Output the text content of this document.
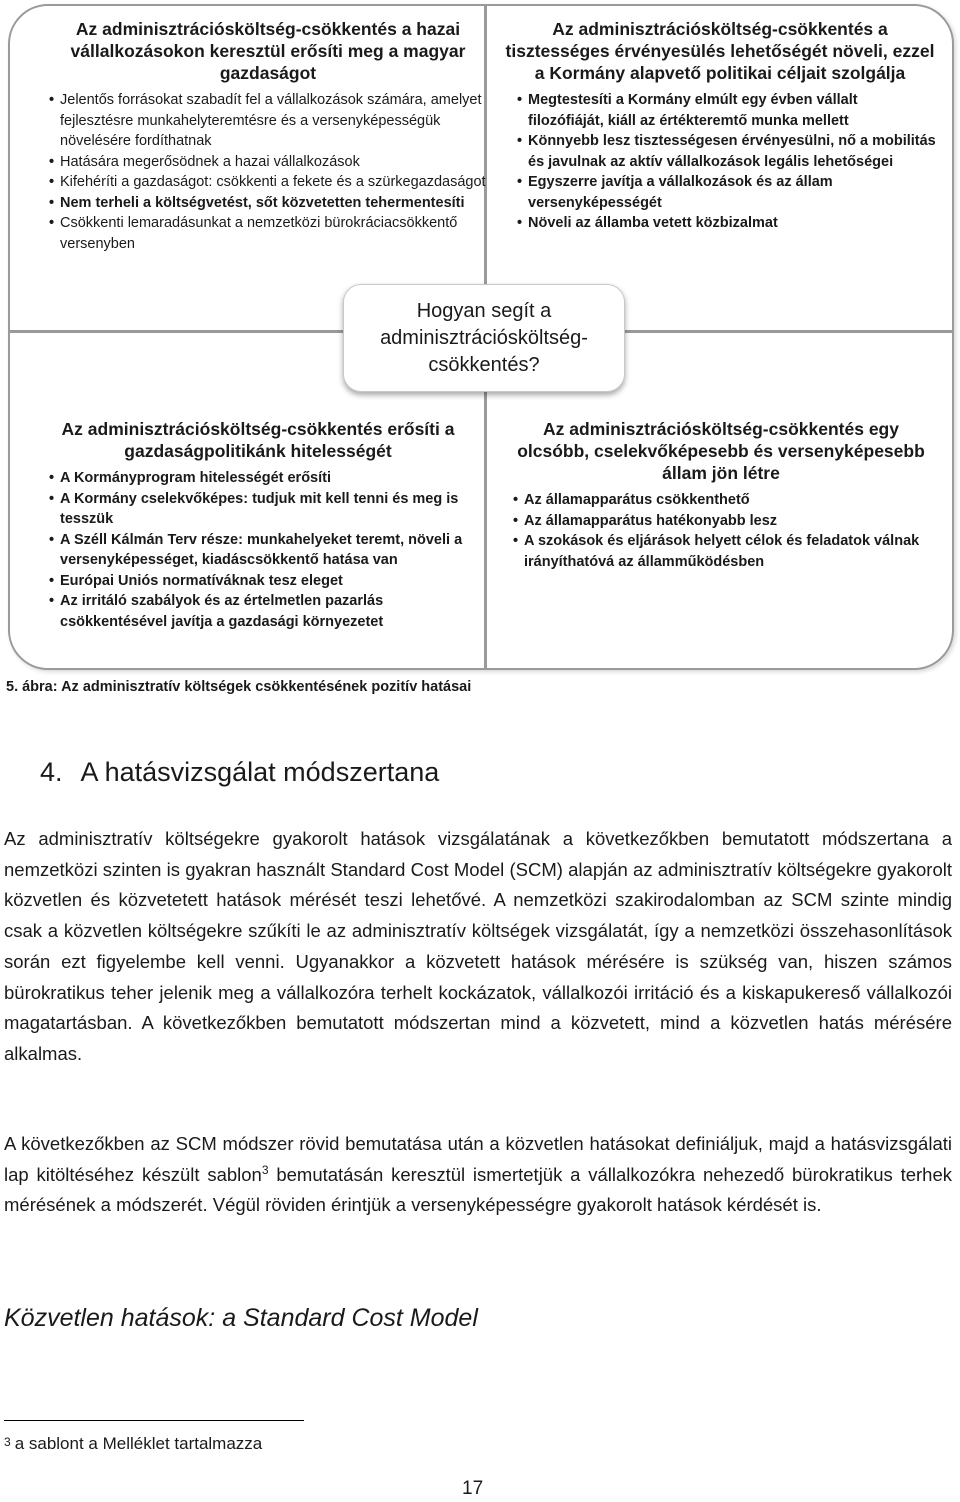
Az adminisztrációsköltség-csökkentés a hazai vállalkozásokon keresztül erősíti meg a magyar gazdaságot
• Jelentős forrásokat szabadít fel a vállalkozások számára, amelyet fejlesztésre munkahelyteremtésre és a versenyképességük növelésére fordíthatnak
• Hatására megerősödnek a hazai vállalkozások
• Kifehéríti a gazdaságot: csökkenti a fekete és a szürkegazdaságot
• Nem terheli a költségvetést, sőt közvetetten tehermentesíti
• Csökkenti lemaradásunkat a nemzetközi bürokráciacsökkentő versenyben
Az adminisztrációsköltség-csökkentés a tisztességes érvényesülés lehetőségét növeli, ezzel a Kormány alapvető politikai céljait szolgálja
• Megtestesíti a Kormány elmúlt egy évben vállalt filozófiáját, kiáll az értékteremtő munka mellett
• Könnyebb lesz tisztességesen érvényesülni, nő a mobilitás és javulnak az aktív vállalkozások legális lehetőségei
• Egyszerre javítja a vállalkozások és az állam versenyképességét
• Növeli az államba vetett közbizalmat
Hogyan segít a adminisztrációsköltség-csökkentés?
Az adminisztrációsköltség-csökkentés erősíti a gazdaságpolitikánk hitelességét
• A Kormányprogram hitelességét erősíti
• A Kormány cselekvőképes: tudjuk mit kell tenni és meg is tesszük
• A Széll Kálmán Terv része: munkahelyeket teremt, növeli a versenyképességet, kiadáscsökkentő hatása van
• Európai Uniós normatíváknak tesz eleget
• Az irritáló szabályok és az értelmetlen pazarlás csökkentésével javítja a gazdasági környezetet
Az adminisztrációsköltség-csökkentés egy olcsóbb, cselekvőképesebb és versenyképesebb állam jön létre
• Az államapparátus csökkenthető
• Az államapparátus hatékonyabb lesz
• A szokások és eljárások helyett célok és feladatok válnak irányíthatóvá az államműködésben
5. ábra: Az adminisztratív költségek csökkentésének pozitív hatásai
4. A hatásvizsgálat módszertana

Az adminisztratív költségekre gyakorolt hatások vizsgálatának a következőkben bemutatott módszertana a nemzetközi szinten is gyakran használt Standard Cost Model (SCM) alapján az adminisztratív költségekre gyakorolt közvetlen és közvetetett hatások mérését teszi lehetővé. A nemzetközi szakirodalomban az SCM szinte mindig csak a közvetlen költségekre szűkíti le az adminisztratív költségek vizsgálatát, így a nemzetközi összehasonlítások során ezt figyelembe kell venni. Ugyanakkor a közvetett hatások mérésére is szükség van, hiszen számos bürokratikus teher jelenik meg a vállalkozóra terhelt kockázatok, vállalkozói irritáció és a kiskapukereső vállalkozói magatartásban. A következőkben bemutatott módszertan mind a közvetett, mind a közvetlen hatás mérésére alkalmas.

A következőkben az SCM módszer rövid bemutatása után a közvetlen hatásokat definiáljuk, majd a hatásvizsgálati lap kitöltéséhez készült sablon$^3$ bemutatásán keresztül ismertetjük a vállalkozókra nehezedő bürokratikus terhek mérésének a módszerét. Végül röviden érintjük a versenyképességre gyakorolt hatások kérdését is.

Közvetlen hatások: a Standard Cost Model
$^3$ a sablont a Melléklet tartalmazza
17
